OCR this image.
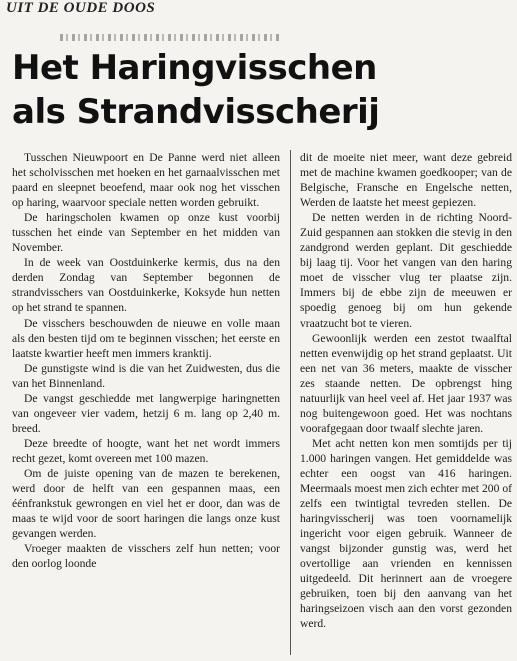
UIT DE OUDE DOOS
Het Haringvisschen
als Strandvisscherij

Tusschen Nieuwpoort en De Panne werd niet alleen het scholvisschen met hoeken en het garnaalvisschen met paard en sleepnet beoefend, maar ook nog het visschen op haring, waarvoor speciale netten worden gebruikt.

De haringscholen kwamen op onze kust voorbij tusschen het einde van September en het midden van November.

In de week van Oostduinkerke kermis, dus na den derden Zondag van September begonnen de strandvisschers van Oostduinkerke, Koksyde hun netten op het strand te spannen.

De visschers beschouwden de nieuwe en volle maan als den besten tijd om te beginnen visschen; het eerste en laatste kwartier heeft men immers kranktij.

De gunstigste wind is die van het Zuidwesten, dus die van het Binnenland.

De vangst geschiedde met langwerpige haringnetten van ongeveer vier vadem, hetzij 6 m. lang op 2,40 m. breed.

Deze breedte of hoogte, want het net wordt immers recht gezet, komt overeen met 100 mazen.

Om de juiste opening van de mazen te berekenen, werd door de helft van een gespannen maas, een éénfrankstuk gewrongen en viel het er door, dan was de maas te wijd voor de soort haringen die langs onze kust gevangen werden.

Vroeger maakten de visschers zelf hun netten; voor den oorlog loonde

dit de moeite niet meer, want deze gebreid met de machine kwamen goedkooper; van de Belgische, Fransche en Engelsche netten, Werden de laatste het meest gepiezen.

De netten werden in de richting Noord-Zuid gespannen aan stokken die stevig in den zandgrond werden geplant. Dit geschiedde bij laag tij. Voor het vangen van den haring moet de visscher vlug ter plaatse zijn. Immers bij de ebbe zijn de meeuwen er spoedig genoeg bij om hun gekende vraatzucht bot te vieren.

Gewoonlijk werden een zestot twaalftal netten evenwijdig op het strand geplaatst. Uit een net van 36 meters, maakte de visscher zes staande netten. De opbrengst hing natuurlijk van heel veel af. Het jaar 1937 was nog buitengewoon goed. Het was nochtans voorafgegaan door twaalf slechte jaren.

Met acht netten kon men somtijds per tij 1.000 haringen vangen. Het gemiddelde was echter een oogst van 416 haringen. Meermaals moest men zich echter met 200 of zelfs een twintigtal tevreden stellen. De haringvisscherij was toen voornamelijk ingericht voor eigen gebruik. Wanneer de vangst bijzonder gunstig was, werd het overtollige aan vrienden en kennissen uitgedeeld. Dit herinnert aan de vroegere gebruiken, toen bij den aanvang van het haringseizoen visch aan den vorst gezonden werd.
